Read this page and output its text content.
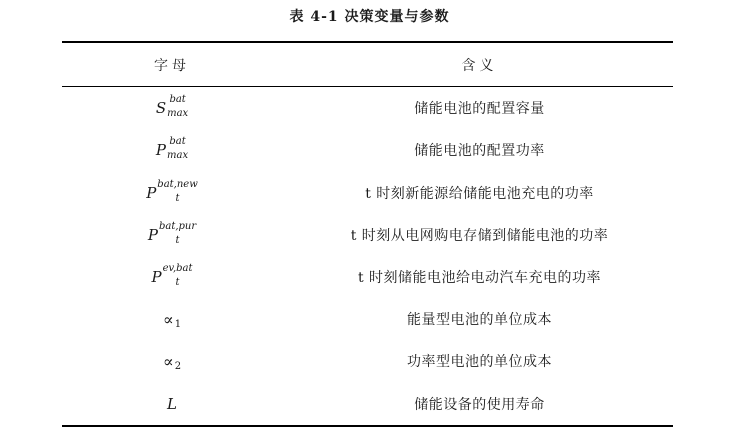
表 4-1 决策变量与参数
字母	含义
S bat
max	储能电池的配置容量
P bat
max	储能电池的配置功率
P bat,new
t	t 时刻新能源给储能电池充电的功率
P bat,pur
t	t 时刻从电网购电存储到储能电池的功率
P ev,bat
t	t 时刻储能电池给电动汽车充电的功率
∝ 1	能量型电池的单位成本
∝ 2	功率型电池的单位成本
L	储能设备的使用寿命
